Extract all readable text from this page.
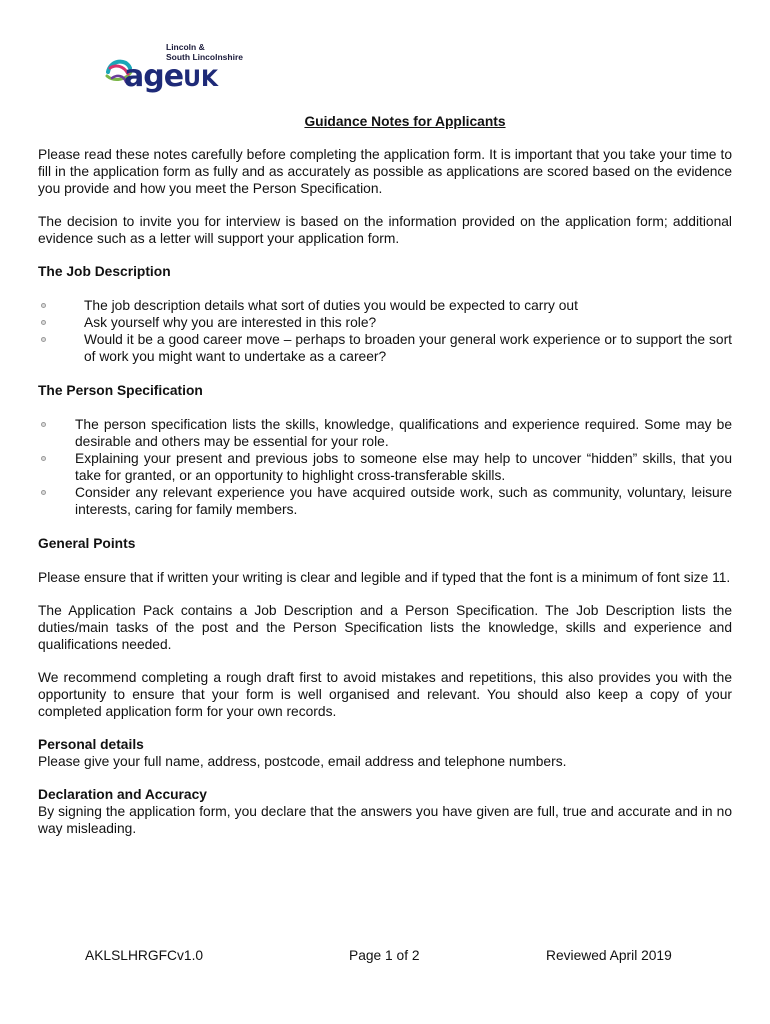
Lincoln &
South Lincolnshire
ageUK
Guidance Notes for Applicants

Please read these notes carefully before completing the application form. It is important that you take your time to fill in the application form as fully and as accurately as possible as applications are scored based on the evidence you provide and how you meet the Person Specification.

The decision to invite you for interview is based on the information provided on the application form; additional evidence such as a letter will support your application form.

The Job Description
The job description details what sort of duties you would be expected to carry out
Ask yourself why you are interested in this role?
Would it be a good career move – perhaps to broaden your general work experience or to support the sort of work you might want to undertake as a career?
The Person Specification
The person specification lists the skills, knowledge, qualifications and experience required. Some may be desirable and others may be essential for your role.
Explaining your present and previous jobs to someone else may help to uncover “hidden” skills, that you take for granted, or an opportunity to highlight cross-transferable skills.
Consider any relevant experience you have acquired outside work, such as community, voluntary, leisure interests, caring for family members.
General Points

Please ensure that if written your writing is clear and legible and if typed that the font is a minimum of font size 11.

The Application Pack contains a Job Description and a Person Specification. The Job Description lists the duties/main tasks of the post and the Person Specification lists the knowledge, skills and experience and qualifications needed.

We recommend completing a rough draft first to avoid mistakes and repetitions, this also provides you with the opportunity to ensure that your form is well organised and relevant. You should also keep a copy of your completed application form for your own records.

Personal details

Please give your full name, address, postcode, email address and telephone numbers.

Declaration and Accuracy

By signing the application form, you declare that the answers you have given are full, true and accurate and in no way misleading.

AKLSLHRGFCv1.0	Page 1 of 2	Reviewed April 2019
